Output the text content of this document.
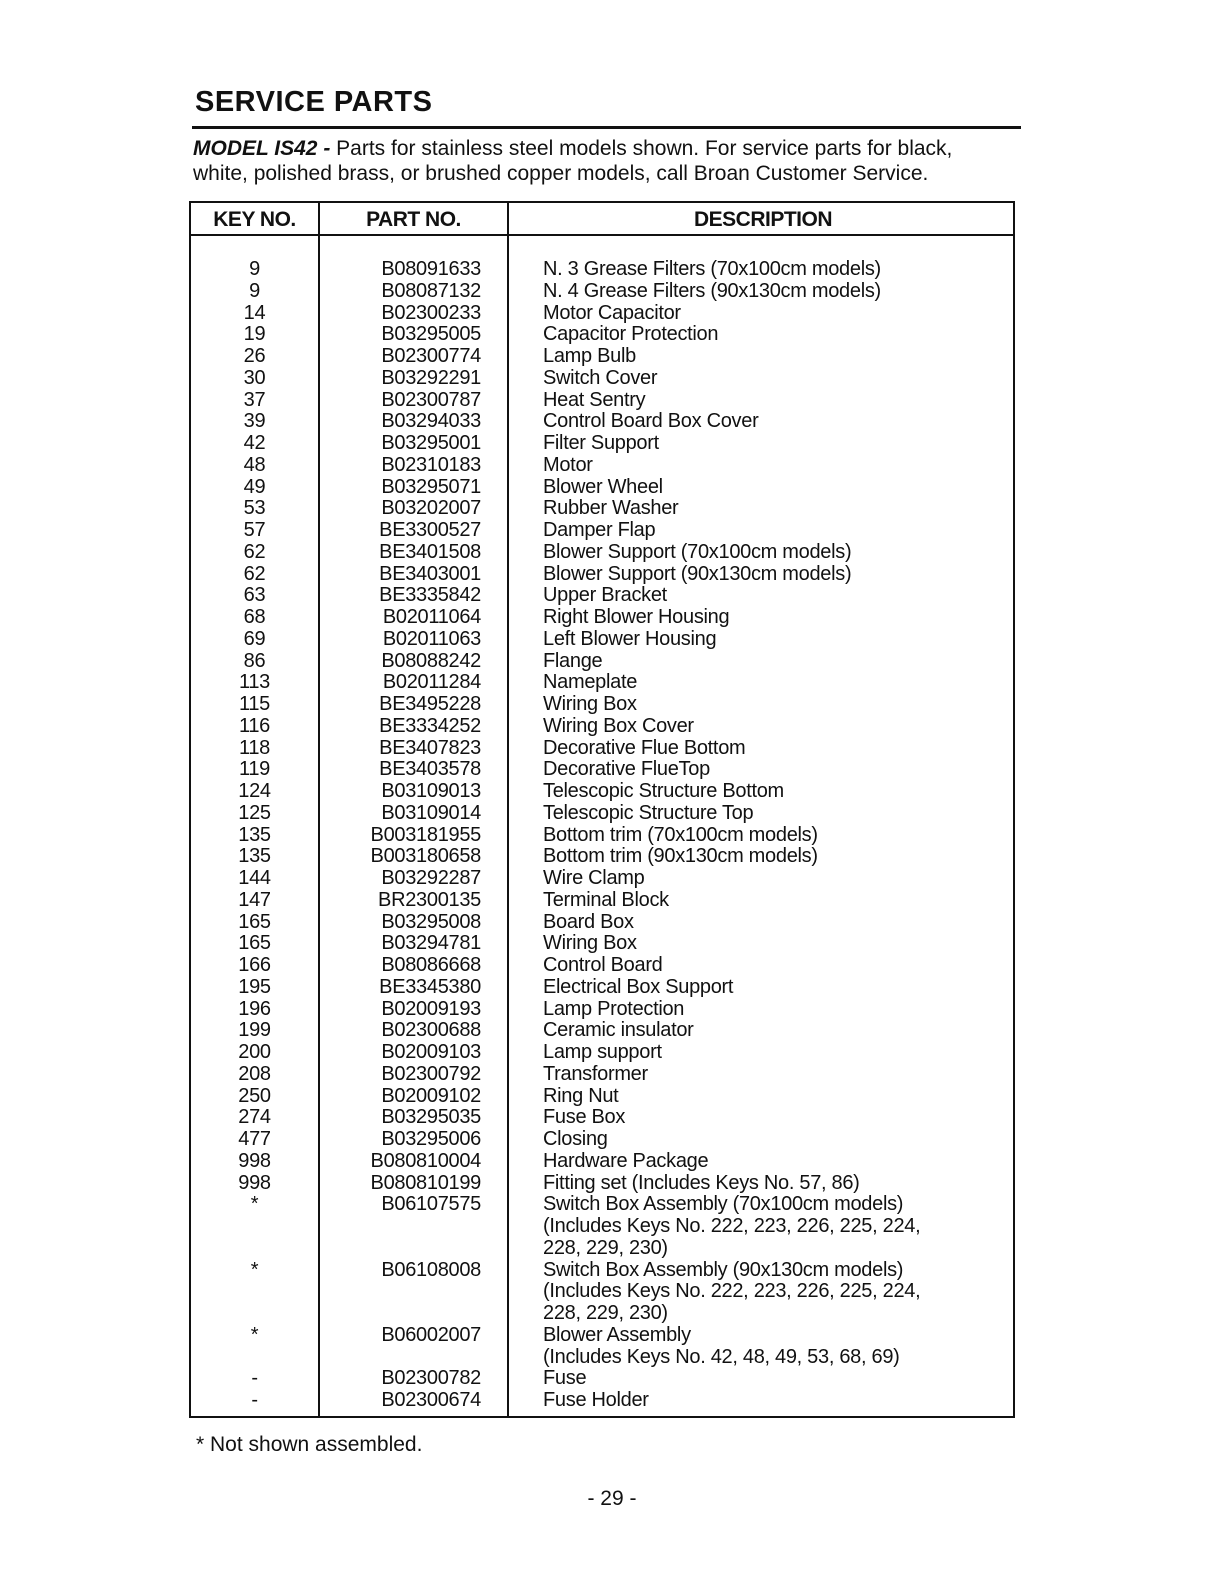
SERVICE PARTS
MODEL IS42 - Parts for stainless steel models shown. For service parts for black,
white, polished brass, or brushed copper models, call Broan Customer Service.
KEY NO.	PART NO.	DESCRIPTION
9	B08091633	N. 3 Grease Filters (70x100cm models)
9	B08087132	N. 4 Grease Filters (90x130cm models)
14	B02300233	Motor Capacitor
19	B03295005	Capacitor Protection
26	B02300774	Lamp Bulb
30	B03292291	Switch Cover
37	B02300787	Heat Sentry
39	B03294033	Control Board Box Cover
42	B03295001	Filter Support
48	B02310183	Motor
49	B03295071	Blower Wheel
53	B03202007	Rubber Washer
57	BE3300527	Damper Flap
62	BE3401508	Blower Support (70x100cm models)
62	BE3403001	Blower Support (90x130cm models)
63	BE3335842	Upper Bracket
68	B02011064	Right Blower Housing
69	B02011063	Left Blower Housing
86	B08088242	Flange
113	B02011284	Nameplate
115	BE3495228	Wiring Box
116	BE3334252	Wiring Box Cover
118	BE3407823	Decorative Flue Bottom
119	BE3403578	Decorative FlueTop
124	B03109013	Telescopic Structure Bottom
125	B03109014	Telescopic Structure Top
135	B003181955	Bottom trim (70x100cm models)
135	B003180658	Bottom trim (90x130cm models)
144	B03292287	Wire Clamp
147	BR2300135	Terminal Block
165	B03295008	Board Box
165	B03294781	Wiring Box
166	B08086668	Control Board
195	BE3345380	Electrical Box Support
196	B02009193	Lamp Protection
199	B02300688	Ceramic insulator
200	B02009103	Lamp support
208	B02300792	Transformer
250	B02009102	Ring Nut
274	B03295035	Fuse Box
477	B03295006	Closing
998	B080810004	Hardware Package
998	B080810199	Fitting set (Includes Keys No. 57, 86)
*	B06107575	Switch Box Assembly (70x100cm models)
(Includes Keys No. 222, 223, 226, 225, 224,
228, 229, 230)
*	B06108008	Switch Box Assembly (90x130cm models)
(Includes Keys No. 222, 223, 226, 225, 224,
228, 229, 230)
*	B06002007	Blower Assembly
(Includes Keys No. 42, 48, 49, 53, 68, 69)
-	B02300782	Fuse
-	B02300674	Fuse Holder
* Not shown assembled.
- 29 -
